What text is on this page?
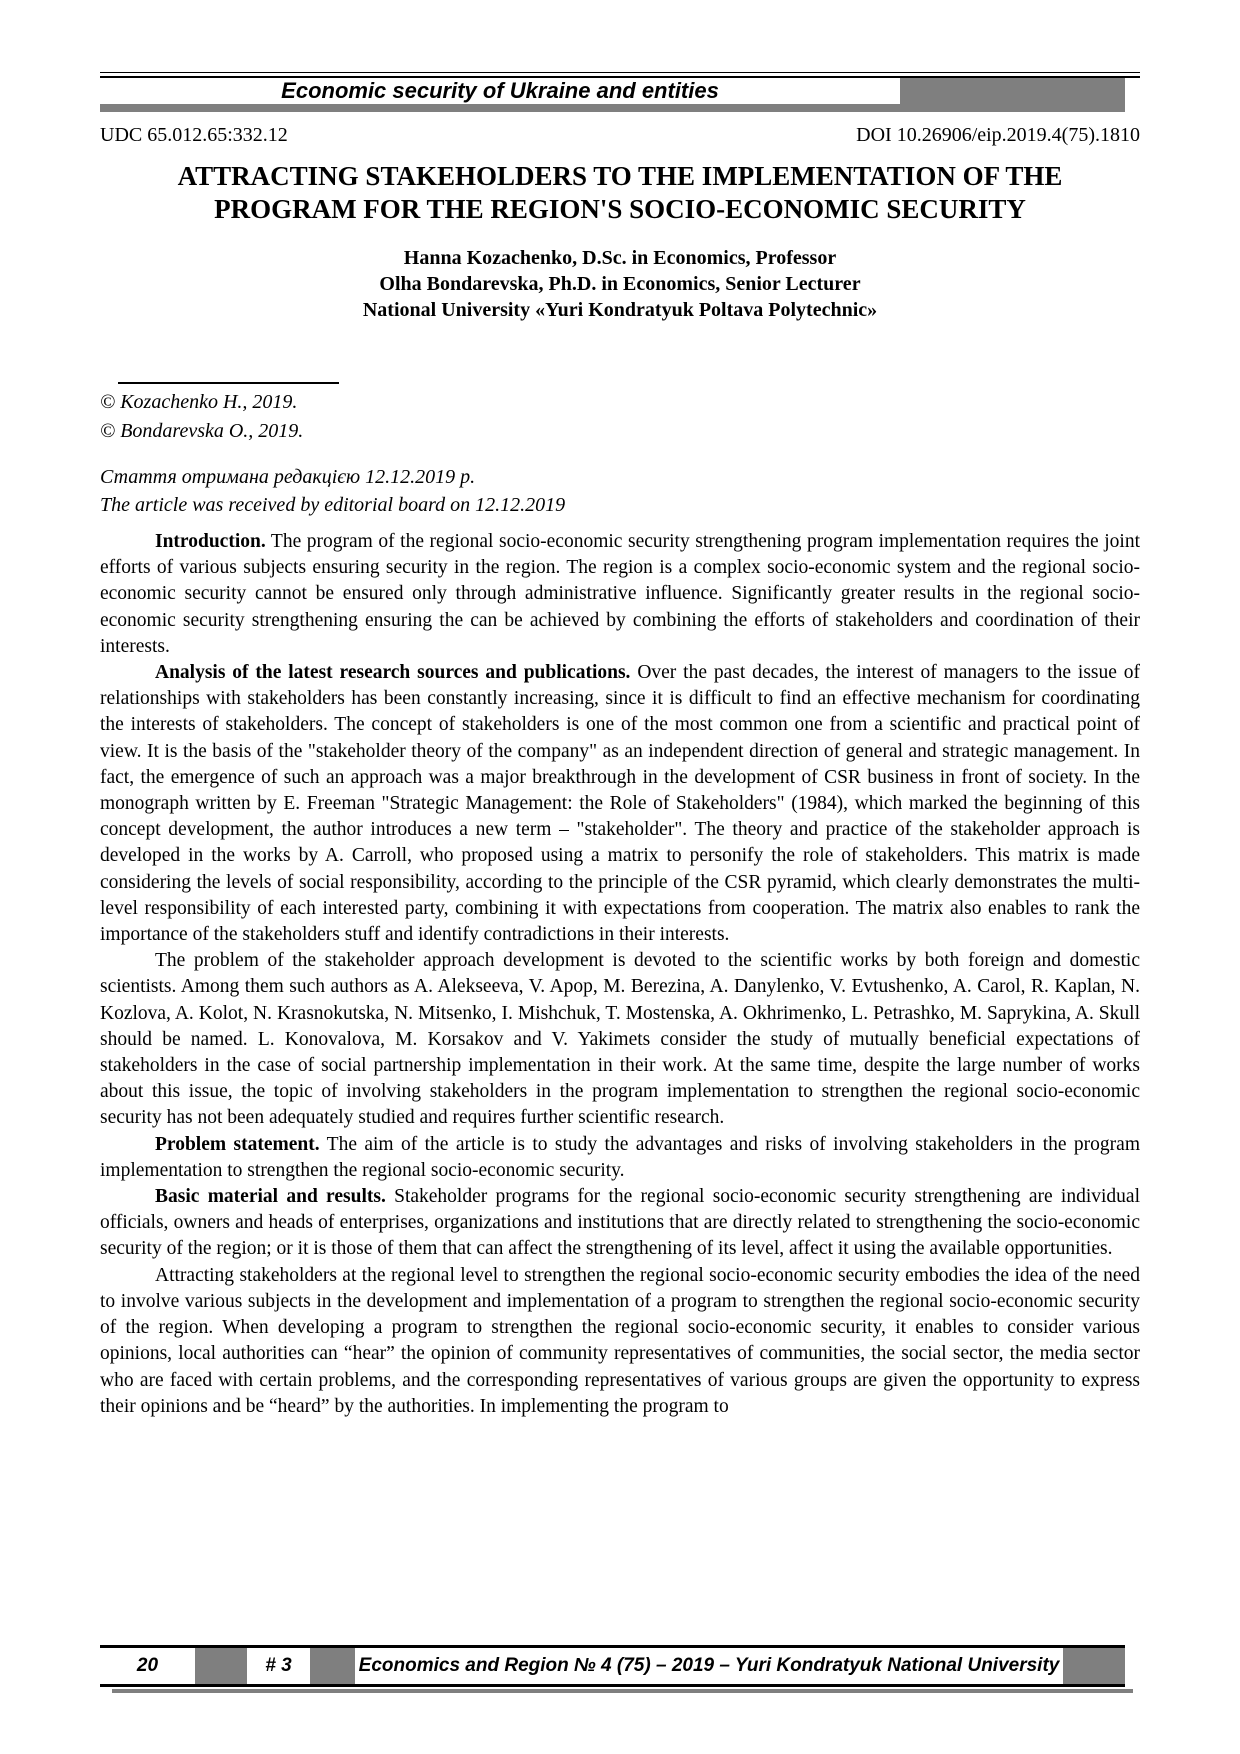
Economic security of Ukraine and entities
UDC 65.012.65:332.12	DOI 10.26906/eip.2019.4(75).1810
ATTRACTING STAKEHOLDERS TO THE IMPLEMENTATION OF THE
PROGRAM FOR THE REGION'S SOCIO-ECONOMIC SECURITY
Hanna Kozachenko, D.Sc. in Economics, Professor
Olha Bondarevska, Ph.D. in Economics, Senior Lecturer
National University «Yuri Kondratyuk Poltava Polytechnic»
© Kozachenko H., 2019.
© Bondarevska O., 2019.
Стаття отримана редакцією 12.12.2019 р.
The article was received by editorial board on 12.12.2019

Introduction. The program of the regional socio-economic security strengthening program implementation requires the joint efforts of various subjects ensuring security in the region. The region is a complex socio-economic system and the regional socio-economic security cannot be ensured only through administrative influence. Significantly greater results in the regional socio-economic security strengthening ensuring the can be achieved by combining the efforts of stakeholders and coordination of their interests.

Analysis of the latest research sources and publications. Over the past decades, the interest of managers to the issue of relationships with stakeholders has been constantly increasing, since it is difficult to find an effective mechanism for coordinating the interests of stakeholders. The concept of stakeholders is one of the most common one from a scientific and practical point of view. It is the basis of the "stakeholder theory of the company" as an independent direction of general and strategic management. In fact, the emergence of such an approach was a major breakthrough in the development of CSR business in front of society. In the monograph written by E. Freeman "Strategic Management: the Role of Stakeholders" (1984), which marked the beginning of this concept development, the author introduces a new term – "stakeholder". The theory and practice of the stakeholder approach is developed in the works by A. Carroll, who proposed using a matrix to personify the role of stakeholders. This matrix is made considering the levels of social responsibility, according to the principle of the CSR pyramid, which clearly demonstrates the multi-level responsibility of each interested party, combining it with expectations from cooperation. The matrix also enables to rank the importance of the stakeholders stuff and identify contradictions in their interests.

The problem of the stakeholder approach development is devoted to the scientific works by both foreign and domestic scientists. Among them such authors as A. Alekseeva, V. Apop, M. Berezina, A. Danylenko, V. Evtushenko, A. Carol, R. Kaplan, N. Kozlova, A. Kolot, N. Krasnokutska, N. Mitsenko, I. Mishchuk, T. Mostenska, A. Okhrimenko, L. Petrashko, M. Saprykina, A. Skull should be named. L. Konovalova, M. Korsakov and V. Yakimets consider the study of mutually beneficial expectations of stakeholders in the case of social partnership implementation in their work. At the same time, despite the large number of works about this issue, the topic of involving stakeholders in the program implementation to strengthen the regional socio-economic security has not been adequately studied and requires further scientific research.

Problem statement. The aim of the article is to study the advantages and risks of involving stakeholders in the program implementation to strengthen the regional socio-economic security.

Basic material and results. Stakeholder programs for the regional socio-economic security strengthening are individual officials, owners and heads of enterprises, organizations and institutions that are directly related to strengthening the socio-economic security of the region; or it is those of them that can affect the strengthening of its level, affect it using the available opportunities.

Attracting stakeholders at the regional level to strengthen the regional socio-economic security embodies the idea of the need to involve various subjects in the development and implementation of a program to strengthen the regional socio-economic security of the region. When developing a program to strengthen the regional socio-economic security, it enables to consider various opinions, local authorities can “hear” the opinion of community representatives of communities, the social sector, the media sector who are faced with certain problems, and the corresponding representatives of various groups are given the opportunity to express their opinions and be “heard” by the authorities. In implementing the program to

20	# 3	Economics and Region № 4 (75) – 2019 – Yuri Kondratyuk National University
